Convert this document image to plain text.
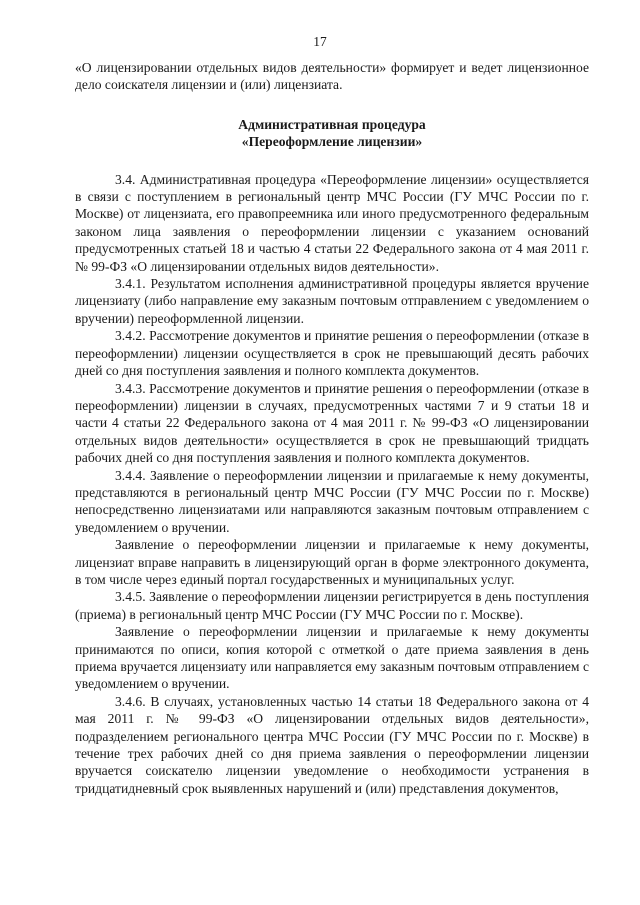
17

«О лицензировании отдельных видов деятельности» формирует и ведет лицензионное дело соискателя лицензии и (или) лицензиата.

Административная процедура
«Переоформление лицензии»

3.4. Административная процедура «Переоформление лицензии» осуществляется в связи с поступлением в региональный центр МЧС России (ГУ МЧС России по г. Москве) от лицензиата, его правопреемника или иного предусмотренного федеральным законом лица заявления о переоформлении лицензии с указанием оснований предусмотренных статьей 18 и частью 4 статьи 22 Федерального закона от 4 мая 2011 г. № 99-ФЗ «О лицензировании отдельных видов деятельности».

3.4.1. Результатом исполнения административной процедуры является вручение лицензиату (либо направление ему заказным почтовым отправлением с уведомлением о вручении) переоформленной лицензии.

3.4.2. Рассмотрение документов и принятие решения о переоформлении (отказе в переоформлении) лицензии осуществляется в срок не превышающий десять рабочих дней со дня поступления заявления и полного комплекта документов.

3.4.3. Рассмотрение документов и принятие решения о переоформлении (отказе в переоформлении) лицензии в случаях, предусмотренных частями 7 и 9 статьи 18 и части 4 статьи 22 Федерального закона от 4 мая 2011 г. № 99-ФЗ «О лицензировании отдельных видов деятельности» осуществляется в срок не превышающий тридцать рабочих дней со дня поступления заявления и полного комплекта документов.

3.4.4. Заявление о переоформлении лицензии и прилагаемые к нему документы, представляются в региональный центр МЧС России (ГУ МЧС России по г. Москве) непосредственно лицензиатами или направляются заказным почтовым отправлением с уведомлением о вручении.

Заявление о переоформлении лицензии и прилагаемые к нему документы, лицензиат вправе направить в лицензирующий орган в форме электронного документа, в том числе через единый портал государственных и муниципальных услуг.

3.4.5. Заявление о переоформлении лицензии регистрируется в день поступления (приема) в региональный центр МЧС России (ГУ МЧС России по г. Москве).

Заявление о переоформлении лицензии и прилагаемые к нему документы принимаются по описи, копия которой с отметкой о дате приема заявления в день приема вручается лицензиату или направляется ему заказным почтовым отправлением с уведомлением о вручении.

3.4.6. В случаях, установленных частью 14 статьи 18 Федерального закона от 4 мая 2011 г. № 99-ФЗ «О лицензировании отдельных видов деятельности», подразделением регионального центра МЧС России (ГУ МЧС России по г. Москве) в течение трех рабочих дней со дня приема заявления о переоформлении лицензии вручается соискателю лицензии уведомление о необходимости устранения в тридцатидневный срок выявленных нарушений и (или) представления документов,
